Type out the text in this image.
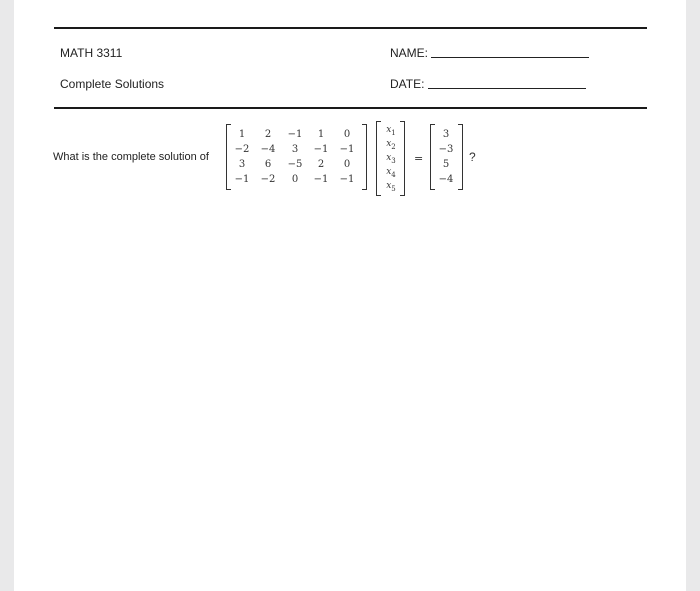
MATH 3311
Complete Solutions
NAME:
DATE:
What is the complete solution of
1	2	−1	1	0
−2	−4	3	−1	−1
3	6	−5	2	0
−1	−2	0	−1	−1
$x_1$
$x_2$
$x_3$
$x_4$
$x_5$
=
3
−3
5
−4
?
